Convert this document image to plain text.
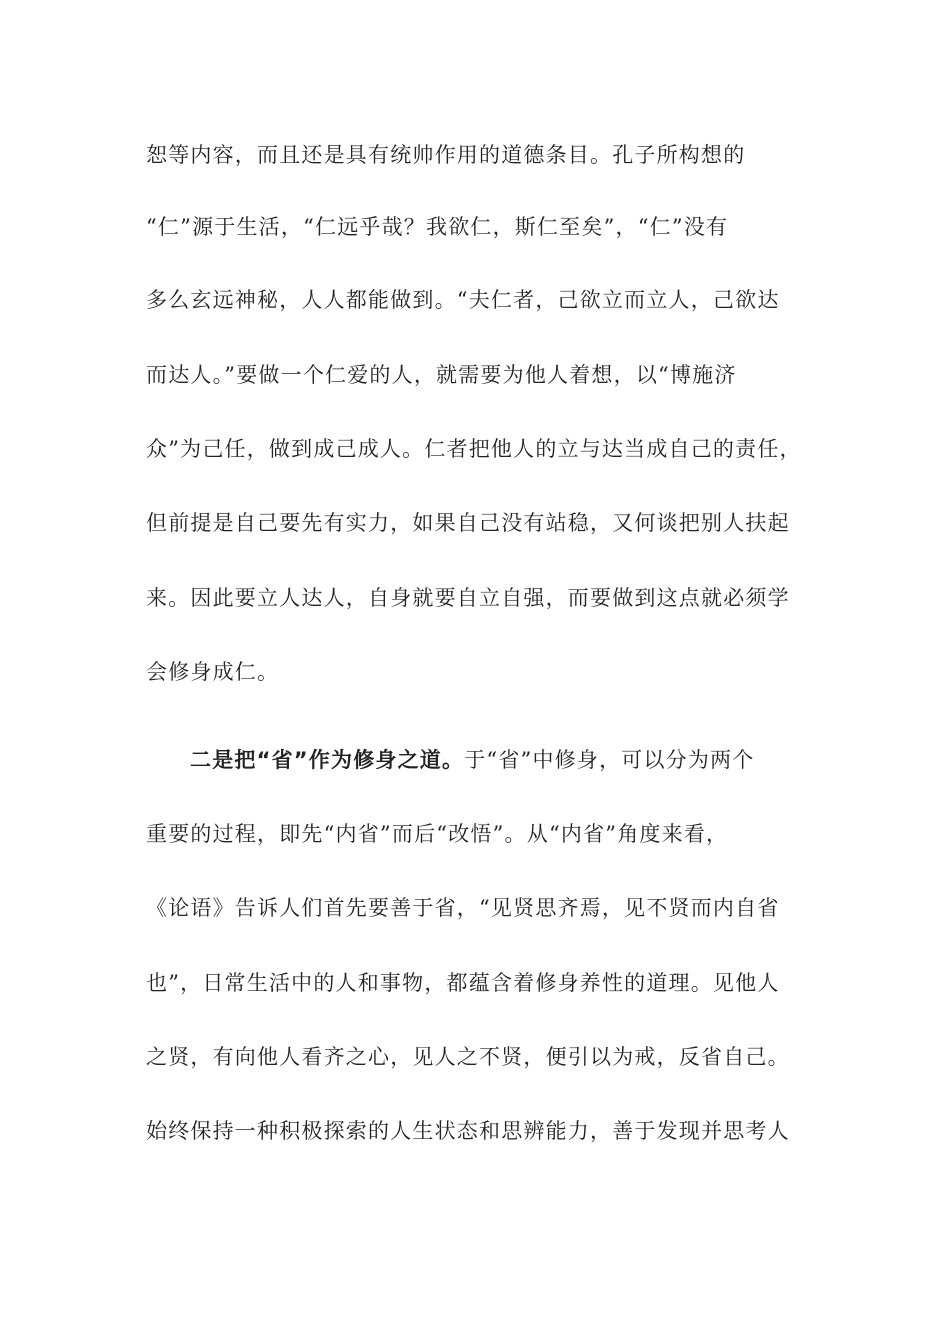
恕等内容，而且还是具有统帅作用的道德条目。孔子所构想的
“仁”源于生活，“仁远乎哉？我欲仁，斯仁至矣”，“仁”没有
多么玄远神秘，人人都能做到。“夫仁者，己欲立而立人，己欲达
而达人。”要做一个仁爱的人，就需要为他人着想，以“博施济
众”为己任，做到成己成人。仁者把他人的立与达当成自己的责任，
但前提是自己要先有实力，如果自己没有站稳，又何谈把别人扶起
来。因此要立人达人，自身就要自立自强，而要做到这点就必须学
会修身成仁。
二是把“省”作为修身之道。于“省”中修身，可以分为两个
重要的过程，即先“内省”而后“改悟”。从“内省”角度来看，
《论语》告诉人们首先要善于省，“见贤思齐焉，见不贤而内自省
也”，日常生活中的人和事物，都蕴含着修身养性的道理。见他人
之贤，有向他人看齐之心，见人之不贤，便引以为戒，反省自己。
始终保持一种积极探索的人生状态和思辨能力，善于发现并思考人
